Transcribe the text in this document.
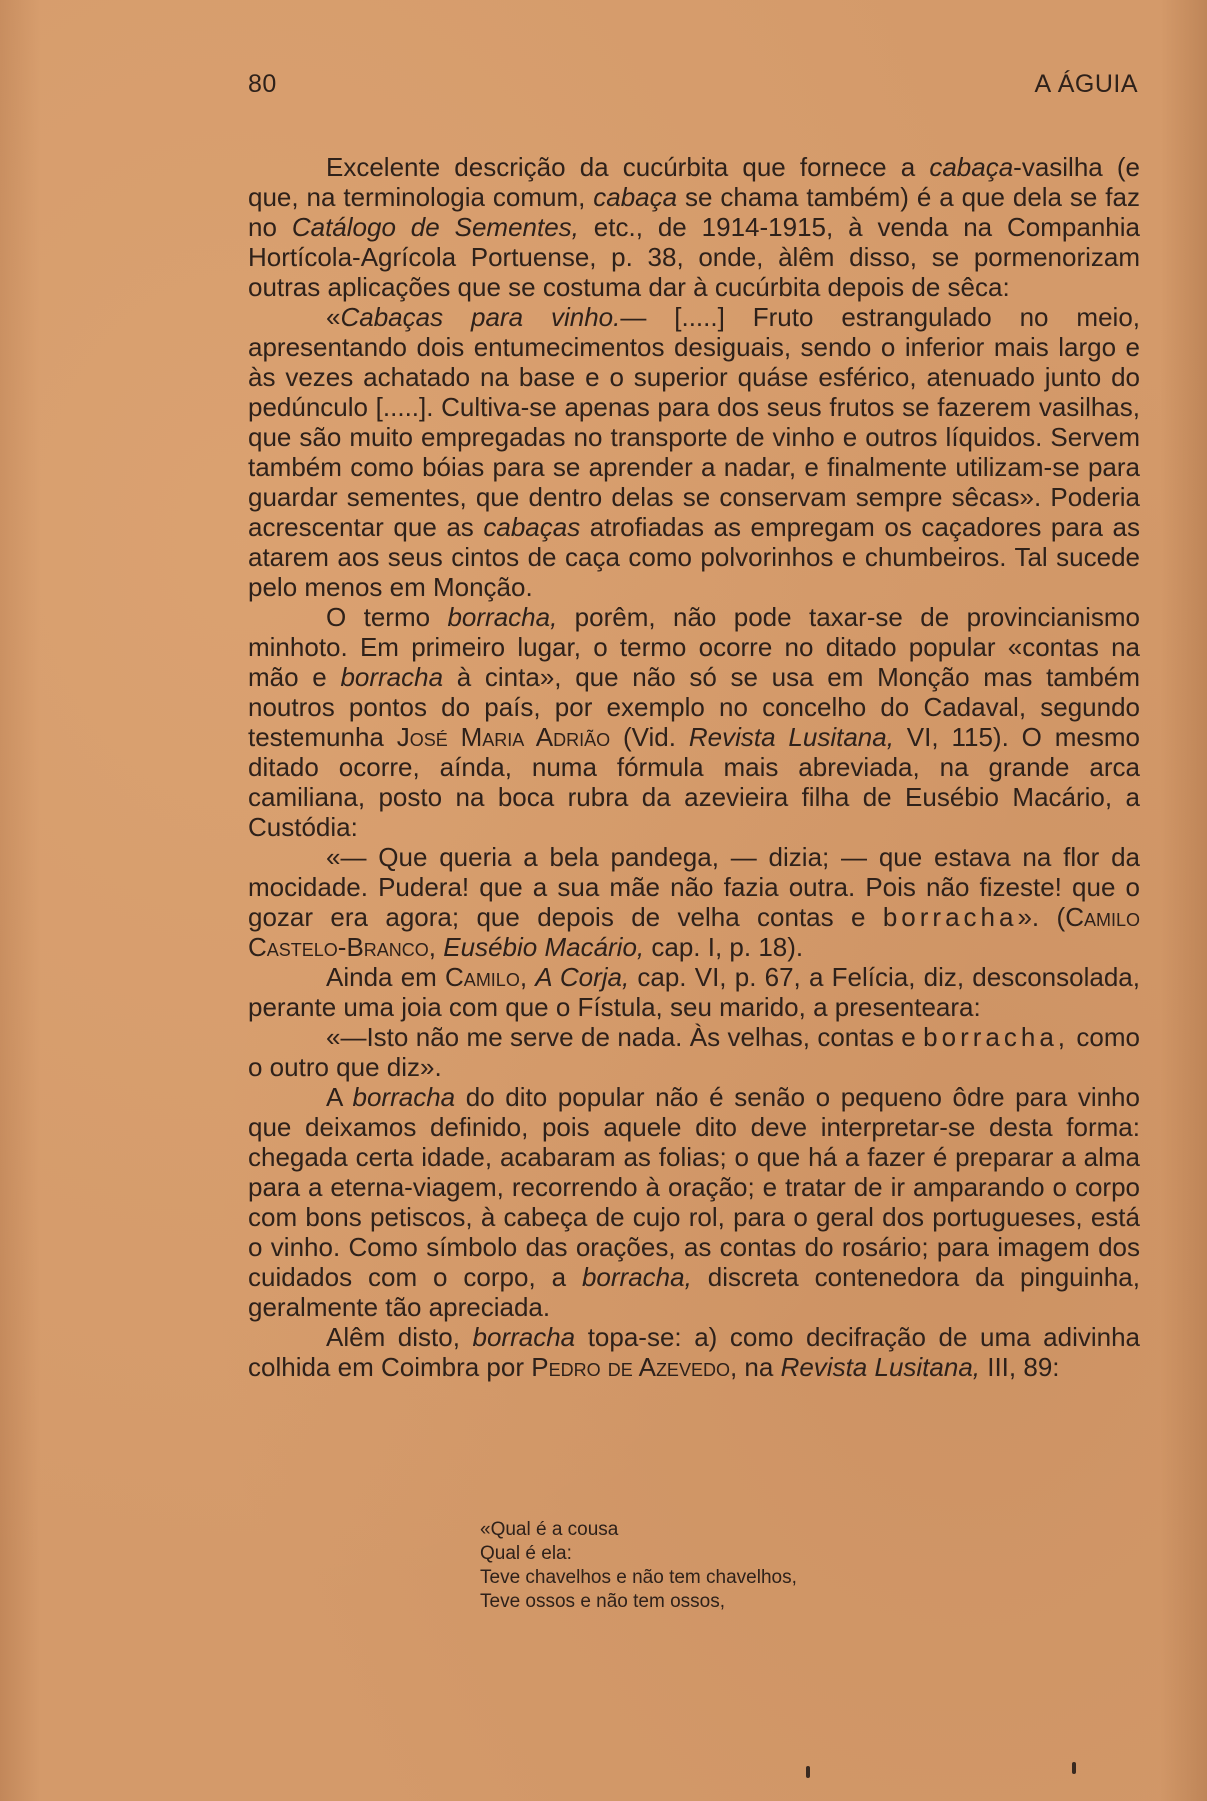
80	A ÁGUIA

Excelente descrição da cucúrbita que fornece a cabaça-vasilha (e que, na terminologia comum, cabaça se chama também) é a que dela se faz no Catálogo de Sementes, etc., de 1914-1915, à venda na Companhia Hortícola-Agrícola Portuense, p. 38, onde, àlêm disso, se pormenorizam outras aplicações que se costuma dar à cucúrbita depois de sêca:

«Cabaças para vinho.— [.....] Fruto estrangulado no meio, apresentando dois entumecimentos desiguais, sendo o inferior mais largo e às vezes achatado na base e o superior quáse esférico, atenuado junto do pedúnculo [.....]. Cultiva-se apenas para dos seus frutos se fazerem vasilhas, que são muito empregadas no transporte de vinho e outros líquidos. Servem também como bóias para se aprender a nadar, e finalmente utilizam-se para guardar sementes, que dentro delas se conservam sempre sêcas». Poderia acrescentar que as cabaças atrofiadas as empregam os caçadores para as atarem aos seus cintos de caça como polvorinhos e chumbeiros. Tal sucede pelo menos em Monção.

O termo borracha, porêm, não pode taxar-se de provincianismo minhoto. Em primeiro lugar, o termo ocorre no ditado popular «contas na mão e borracha à cinta», que não só se usa em Monção mas também noutros pontos do país, por exemplo no concelho do Cadaval, segundo testemunha José Maria Adrião (Vid. Revista Lusitana, VI, 115). O mesmo ditado ocorre, aínda, numa fórmula mais abreviada, na grande arca camiliana, posto na boca rubra da azevieira filha de Eusébio Macário, a Custódia:

«— Que queria a bela pandega, — dizia; — que estava na flor da mocidade. Pudera! que a sua mãe não fazia outra. Pois não fizeste! que o gozar era agora; que depois de velha contas e borracha». (Camilo Castelo-Branco, Eusébio Macário, cap. I, p. 18).

Ainda em Camilo, A Corja, cap. VI, p. 67, a Felícia, diz, desconsolada, perante uma joia com que o Fístula, seu marido, a presenteara:

«—Isto não me serve de nada. Às velhas, contas e borracha, como o outro que diz».

A borracha do dito popular não é senão o pequeno ôdre para vinho que deixamos definido, pois aquele dito deve interpretar-se desta forma: chegada certa idade, acabaram as folias; o que há a fazer é preparar a alma para a eterna-viagem, recorrendo à oração; e tratar de ir amparando o corpo com bons petiscos, à cabeça de cujo rol, para o geral dos portugueses, está o vinho. Como símbolo das orações, as contas do rosário; para imagem dos cuidados com o corpo, a borracha, discreta contenedora da pinguinha, geralmente tão apreciada.

Alêm disto, borracha topa-se: a) como decifração de uma adivinha colhida em Coimbra por Pedro de Azevedo, na Revista Lusitana, III, 89:

«Qual é a cousa
Qual é ela:
Teve chavelhos e não tem chavelhos,
Teve ossos e não tem ossos,
